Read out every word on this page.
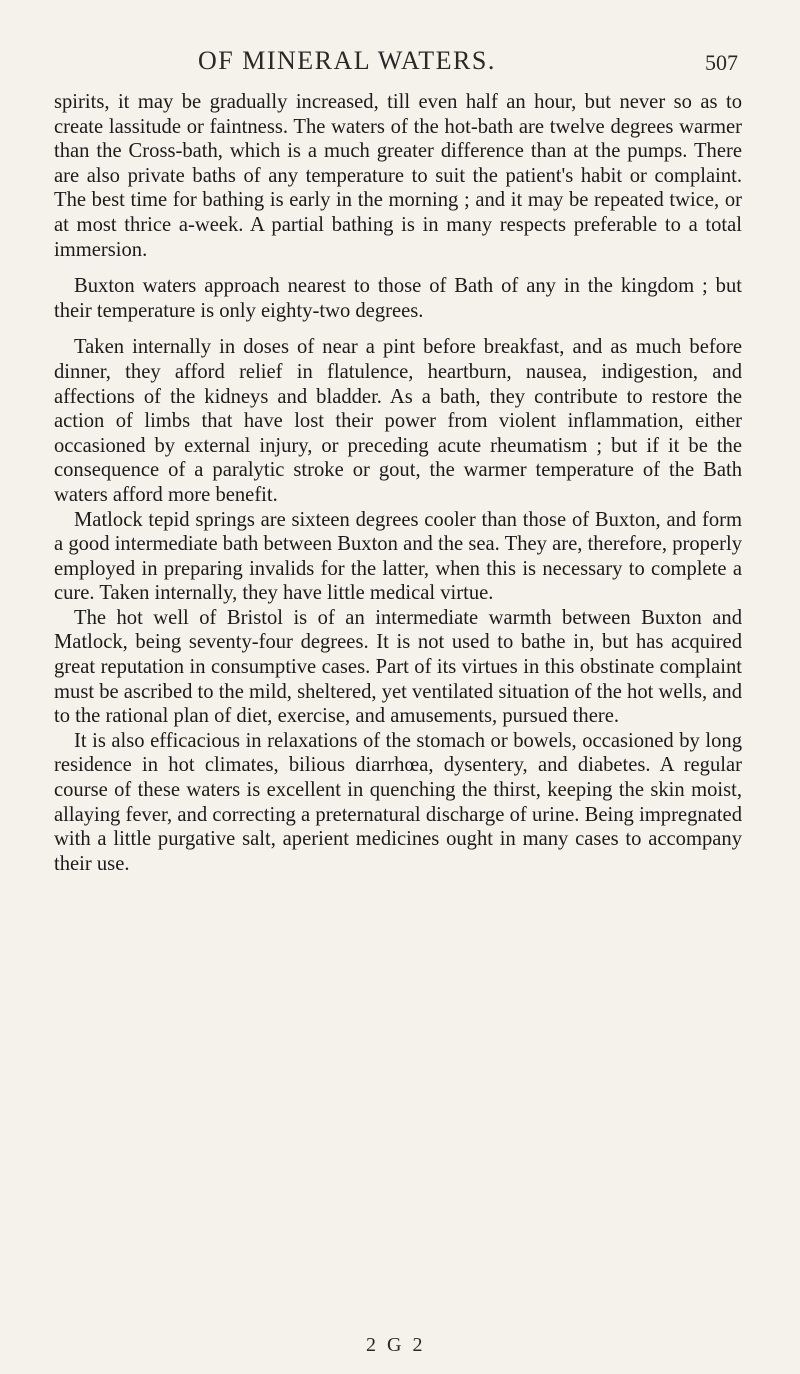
OF MINERAL WATERS.	507

spirits, it may be gradually increased, till even half an hour, but never so as to create lassitude or faintness. The waters of the hot-bath are twelve degrees warmer than the Cross-bath, which is a much greater difference than at the pumps. There are also private baths of any temperature to suit the patient's habit or complaint. The best time for bathing is early in the morning ; and it may be repeated twice, or at most thrice a-week. A partial bathing is in many respects preferable to a total immersion.

Buxton waters approach nearest to those of Bath of any in the kingdom ; but their temperature is only eighty-two degrees.

Taken internally in doses of near a pint before breakfast, and as much before dinner, they afford relief in flatulence, heartburn, nausea, indigestion, and affections of the kidneys and bladder. As a bath, they contribute to restore the action of limbs that have lost their power from violent inflammation, either occasioned by external injury, or preceding acute rheumatism ; but if it be the consequence of a paralytic stroke or gout, the warmer temperature of the Bath waters afford more benefit.

Matlock tepid springs are sixteen degrees cooler than those of Buxton, and form a good intermediate bath between Buxton and the sea. They are, therefore, properly employed in preparing invalids for the latter, when this is necessary to complete a cure. Taken internally, they have little medical virtue.

The hot well of Bristol is of an intermediate warmth between Buxton and Matlock, being seventy-four degrees. It is not used to bathe in, but has acquired great reputation in consumptive cases. Part of its virtues in this obstinate complaint must be ascribed to the mild, sheltered, yet ventilated situation of the hot wells, and to the rational plan of diet, exercise, and amusements, pursued there.

It is also efficacious in relaxations of the stomach or bowels, occasioned by long residence in hot climates, bilious diarrhœa, dysentery, and diabetes. A regular course of these waters is excellent in quenching the thirst, keeping the skin moist, allaying fever, and correcting a preternatural discharge of urine. Being impregnated with a little purgative salt, aperient medicines ought in many cases to accompany their use.

2 G 2
